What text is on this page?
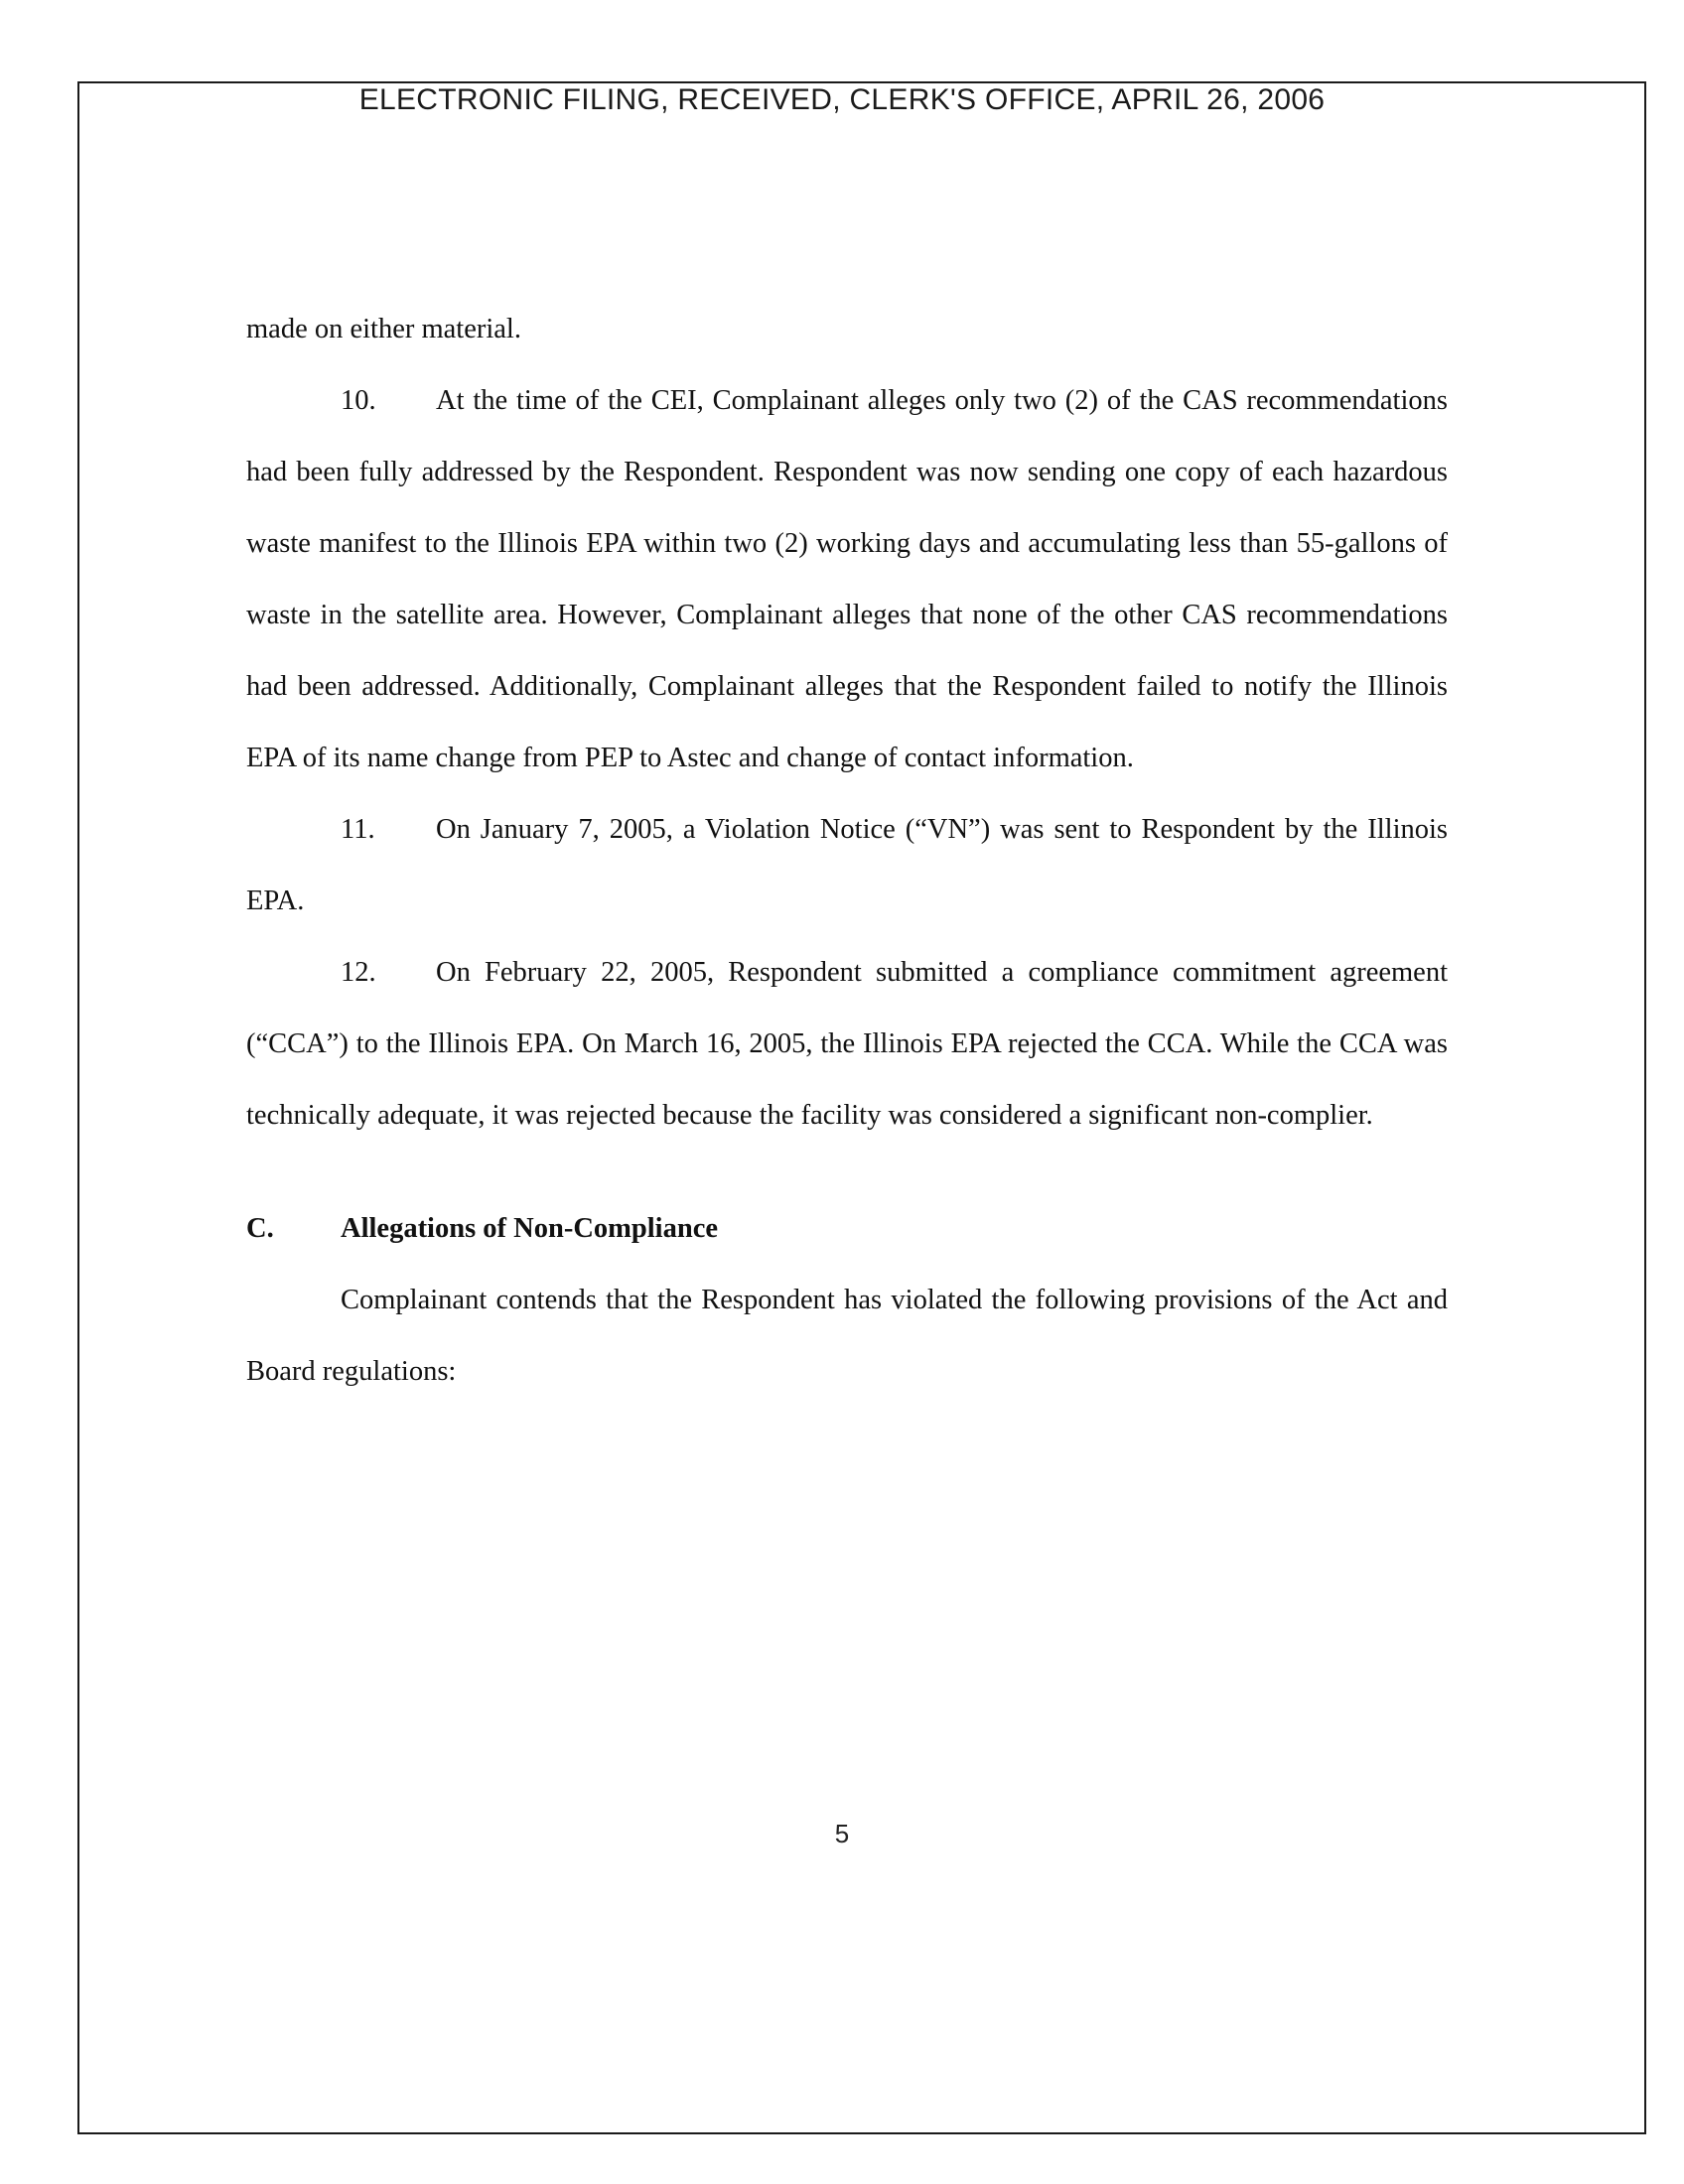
ELECTRONIC FILING, RECEIVED, CLERK'S OFFICE, APRIL 26, 2006

made on either material.

10. At the time of the CEI, Complainant alleges only two (2) of the CAS recommendations had been fully addressed by the Respondent. Respondent was now sending one copy of each hazardous waste manifest to the Illinois EPA within two (2) working days and accumulating less than 55-gallons of waste in the satellite area. However, Complainant alleges that none of the other CAS recommendations had been addressed. Additionally, Complainant alleges that the Respondent failed to notify the Illinois EPA of its name change from PEP to Astec and change of contact information.

11. On January 7, 2005, a Violation Notice (“VN”) was sent to Respondent by the Illinois EPA.

12. On February 22, 2005, Respondent submitted a compliance commitment agreement (“CCA”) to the Illinois EPA. On March 16, 2005, the Illinois EPA rejected the CCA. While the CCA was technically adequate, it was rejected because the facility was considered a significant non-complier.

C.	Allegations of Non-Compliance

Complainant contends that the Respondent has violated the following provisions of the Act and Board regulations:

5
